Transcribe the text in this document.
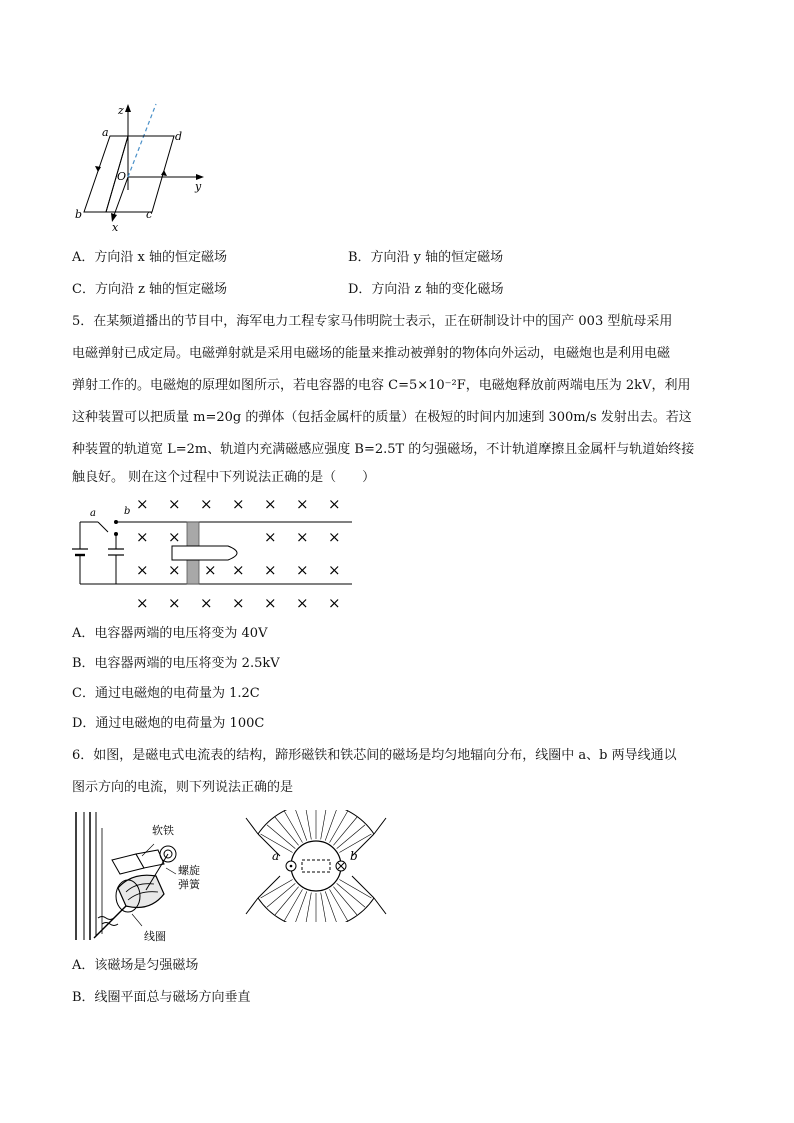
z
y
x
O
a
b	c
d
A．方向沿 x 轴的恒定磁场	B．方向沿 y 轴的恒定磁场
C．方向沿 z 轴的恒定磁场	D．方向沿 z 轴的变化磁场
5．在某频道播出的节目中，海军电力工程专家马伟明院士表示，正在研制设计中的国产 003 型航母采用
电磁弹射已成定局。电磁弹射就是采用电磁场的能量来推动被弹射的物体向外运动，电磁炮也是利用电磁
弹射工作的。电磁炮的原理如图所示，若电容器的电容 C=5×10⁻²F，电磁炮释放前两端电压为 2kV，利用
这种装置可以把质量 m=20g 的弹体（包括金属杆的质量）在极短的时间内加速到 300m/s 发射出去。若这
种装置的轨道宽 L=2m、轨道内充满磁感应强度 B=2.5T 的匀强磁场，不计轨道摩擦且金属杆与轨道始终接
触良好。 则在这个过程中下列说法正确的是（　　）
a	b × × × × × × ×
× ×	× × ×
× × × × × × ×
× × × × × × ×
A．电容器两端的电压将变为 40V
B．电容器两端的电压将变为 2.5kV
C．通过电磁炮的电荷量为 1.2C
D．通过电磁炮的电荷量为 100C
6．如图，是磁电式电流表的结构，蹄形磁铁和铁芯间的磁场是均匀地辐向分布，线圈中 a、b 两导线通以
图示方向的电流，则下列说法正确的是
软铁
螺旋
弹簧
线圈
a	b
A．该磁场是匀强磁场
B．线圈平面总与磁场方向垂直
